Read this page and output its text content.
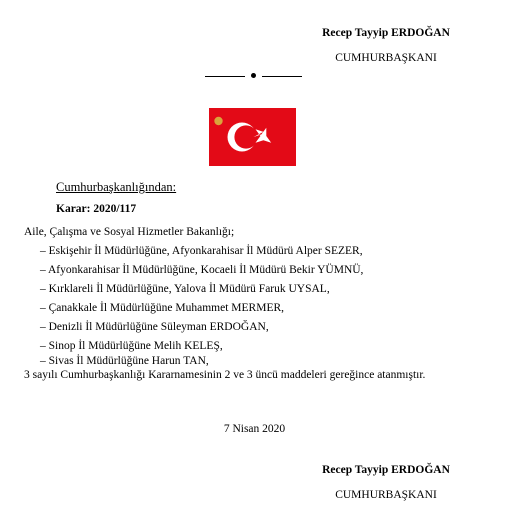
Recep Tayyip ERDOĞAN
CUMHURBAŞKANI
Cumhurbaşkanlığından:
Karar: 2020/117
Aile, Çalışma ve Sosyal Hizmetler Bakanlığı;
– Eskişehir İl Müdürlüğüne, Afyonkarahisar İl Müdürü Alper SEZER,
– Afyonkarahisar İl Müdürlüğüne, Kocaeli İl Müdürü Bekir YÜMNÜ,
– Kırklareli İl Müdürlüğüne, Yalova İl Müdürü Faruk UYSAL,
– Çanakkale İl Müdürlüğüne Muhammet MERMER,
– Denizli İl Müdürlüğüne Süleyman ERDOĞAN,
– Sinop İl Müdürlüğüne Melih KELEŞ,
– Sivas İl Müdürlüğüne Harun TAN,
3 sayılı Cumhurbaşkanlığı Kararnamesinin 2 ve 3 üncü maddeleri gereğince atanmıştır.
7 Nisan 2020
Recep Tayyip ERDOĞAN
CUMHURBAŞKANI
